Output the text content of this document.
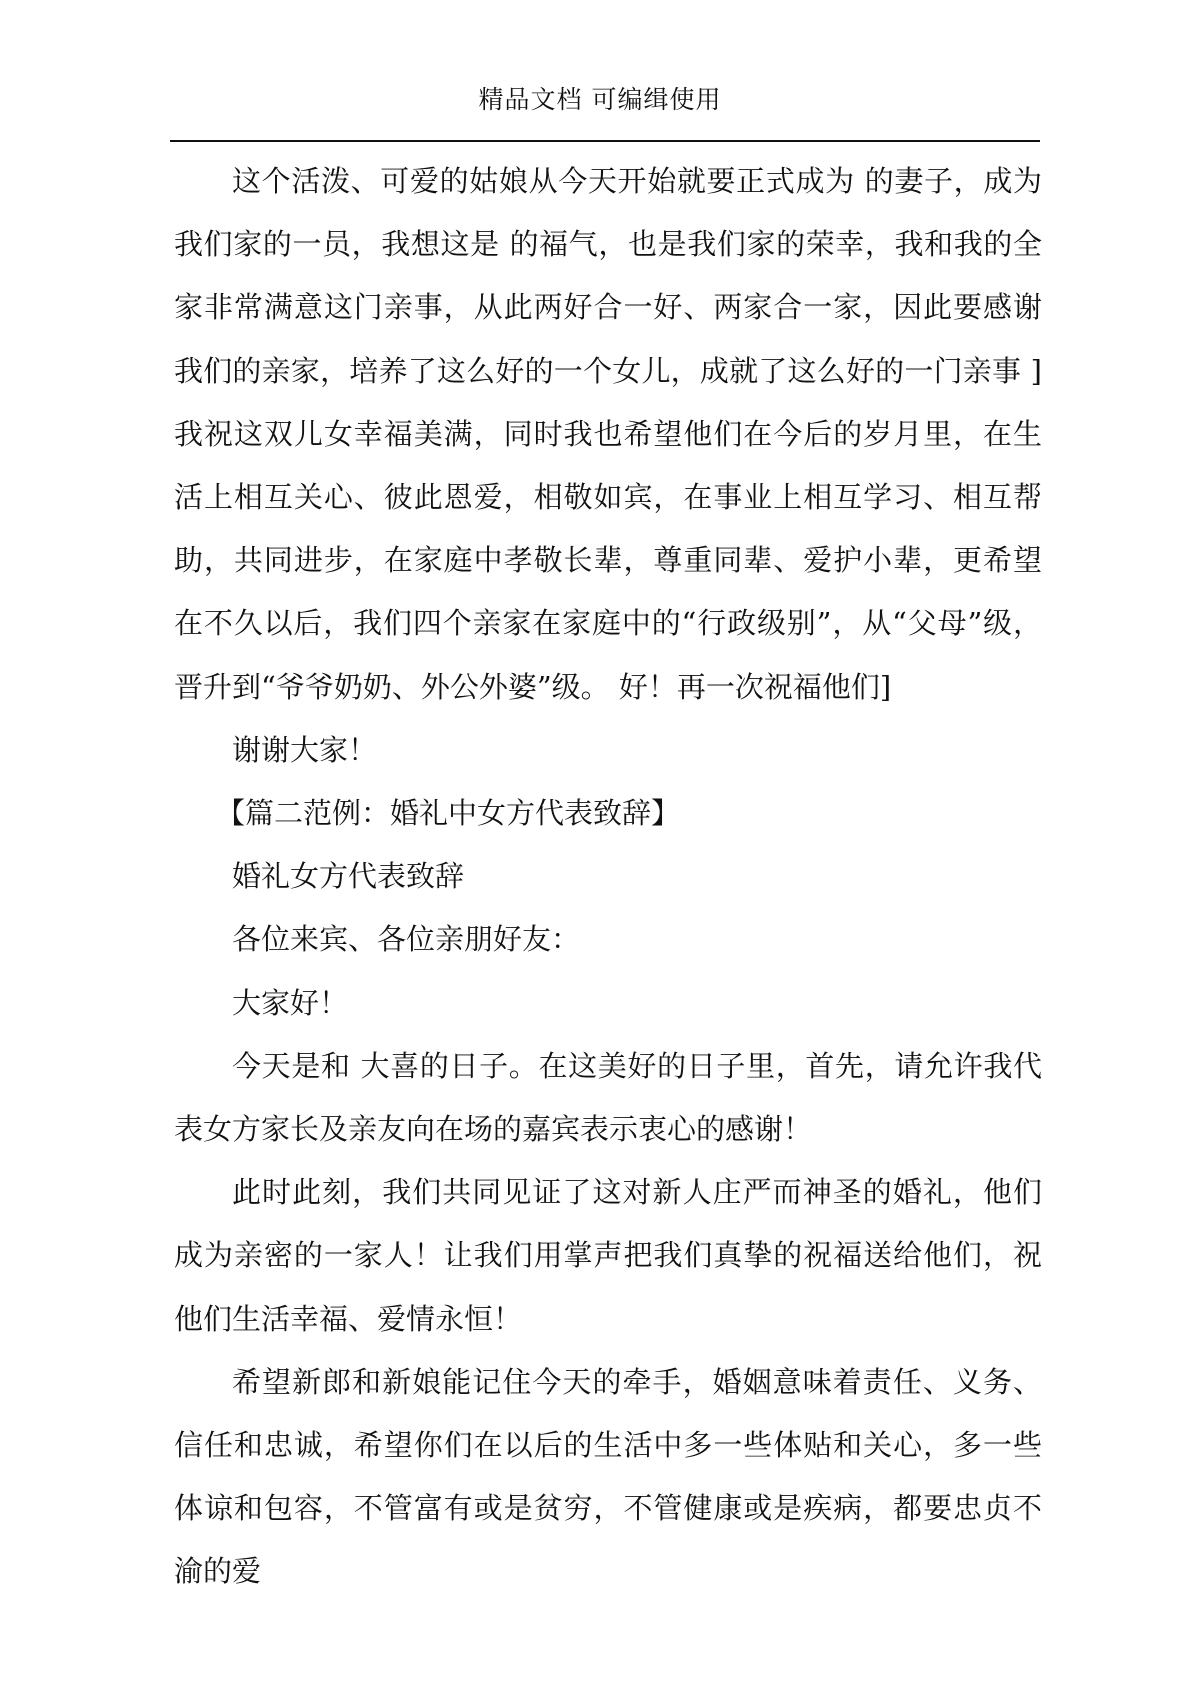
精品文档 可编缉使用

这个活泼、可爱的姑娘从今天开始就要正式成为 的妻子，成为我们家的一员，我想这是 的福气，也是我们家的荣幸，我和我的全家非常满意这门亲事，从此两好合一好、两家合一家，因此要感谢我们的亲家，培养了这么好的一个女儿，成就了这么好的一门亲事 ] 我祝这双儿女幸福美满，同时我也希望他们在今后的岁月里，在生活上相互关心、彼此恩爱，相敬如宾，在事业上相互学习、相互帮助，共同进步，在家庭中孝敬长辈，尊重同辈、爱护小辈，更希望在不久以后，我们四个亲家在家庭中的“行政级别”，从“父母”级，晋升到“爷爷奶奶、外公外婆”级。 好！再一次祝福他们]

谢谢大家！

【篇二范例：婚礼中女方代表致辞】

婚礼女方代表致辞

各位来宾、各位亲朋好友：

大家好！

今天是和 大喜的日子。在这美好的日子里，首先，请允许我代表女方家长及亲友向在场的嘉宾表示衷心的感谢！

此时此刻，我们共同见证了这对新人庄严而神圣的婚礼，他们成为亲密的一家人！让我们用掌声把我们真挚的祝福送给他们，祝他们生活幸福、爱情永恒！

希望新郎和新娘能记住今天的牵手，婚姻意味着责任、义务、信任和忠诚，希望你们在以后的生活中多一些体贴和关心，多一些体谅和包容，不管富有或是贫穷，不管健康或是疾病，都要忠贞不渝的爱
